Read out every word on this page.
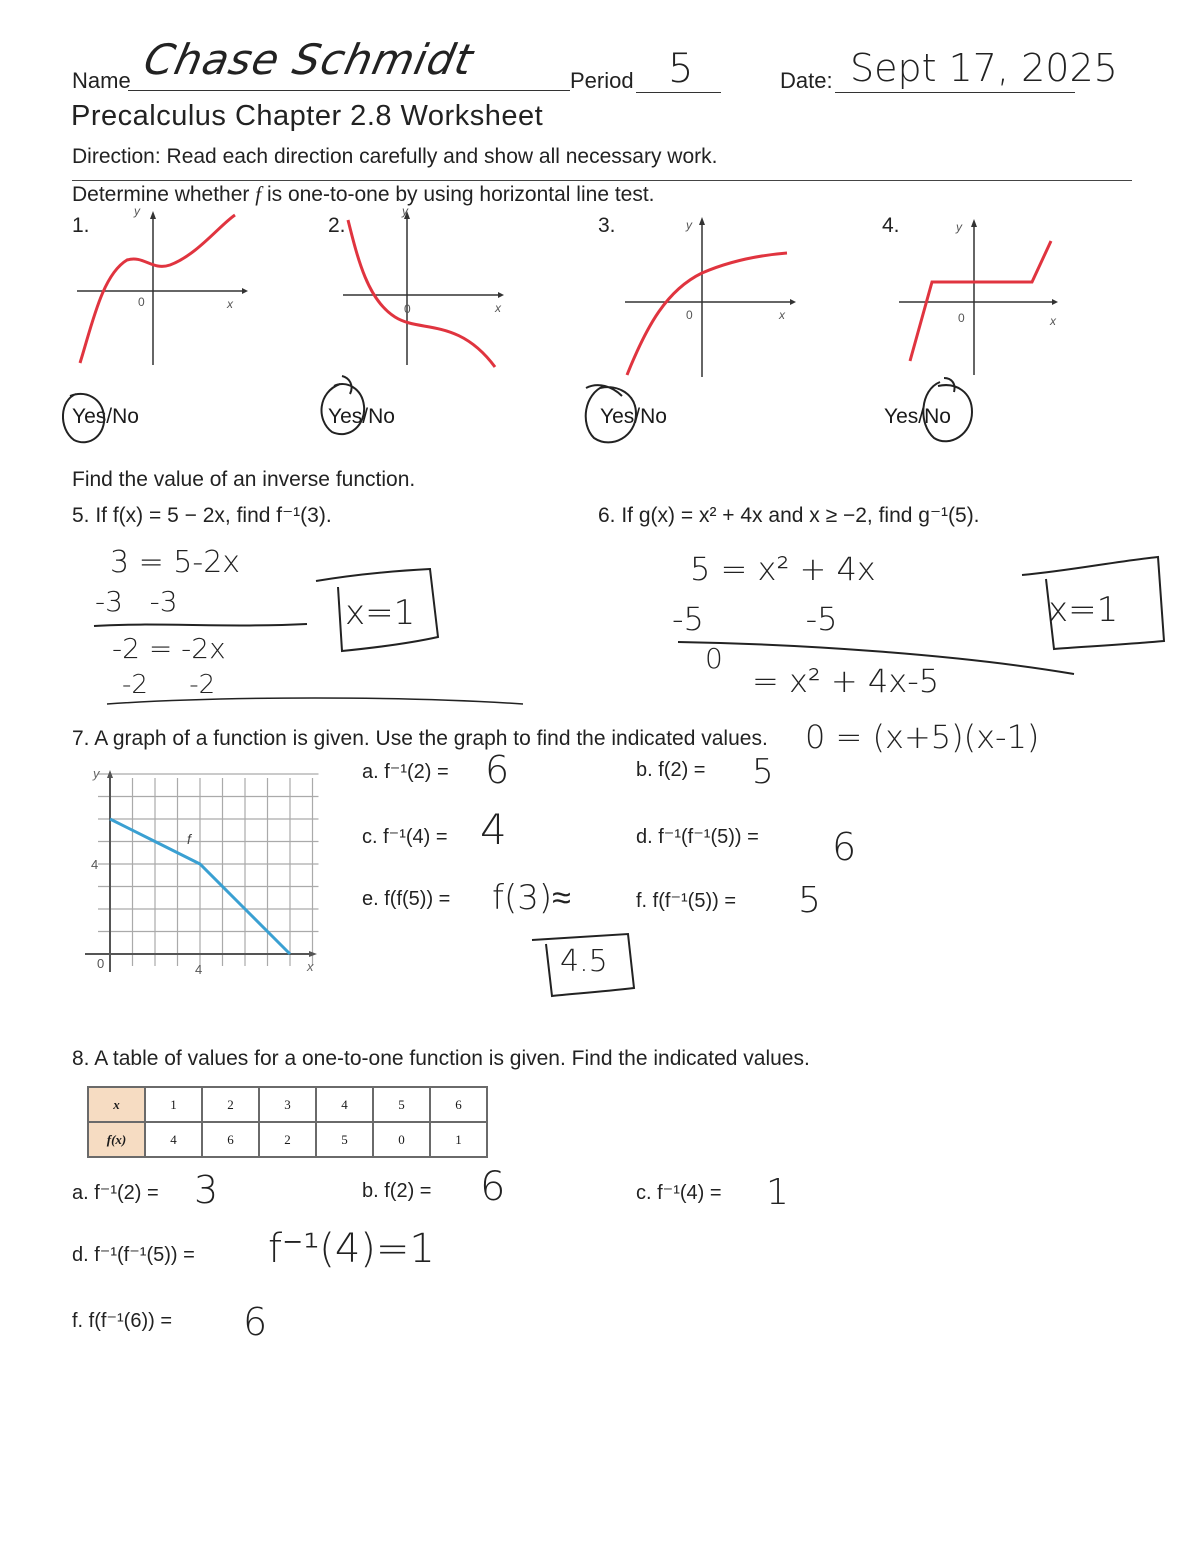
Name Chase Schmidt	Period 5	Date: Sept 17, 2025
Precalculus Chapter 2.8 Worksheet
Direction: Read each direction carefully and show all necessary work.
Determine whether f is one-to-one by using horizontal line test.
1.
y
x
0
Yes/No
2.
y
x
0
Yes/No
3.	y
x
0
Yes/No
4.	y
x
0
Yes/No
Find the value of an inverse function.
5. If f(x) = 5 − 2x, find f⁻¹(3).	6. If g(x) = x² + 4x and x ≥ −2, find g⁻¹(5).
3 = 5-2x
-3   -3
-2 = -2x
-2     -2
x=1
5 = x² + 4x
-5          -5
0
= x² + 4x-5
0 = (x+5)(x-1)
x=1
7. A graph of a function is given. Use the graph to find the indicated values.
y
x
0	4
4
f
a. f⁻¹(2) = 6	b. f(2) = 5
c. f⁻¹(4) = 4	d. f⁻¹(f⁻¹(5)) = 6
e. f(f(5)) = f(3)≈	f. f(f⁻¹(5)) = 5
4.5
8. A table of values for a one-to-one function is given. Find the indicated values.
x	1	2	3	4	5	6
f(x)	4	6	2	5	0	1
a. f⁻¹(2) = 3	b. f(2) = 6	c. f⁻¹(4) = 1
d. f⁻¹(f⁻¹(5)) = f⁻¹(4)=1
f. f(f⁻¹(6)) = 6
